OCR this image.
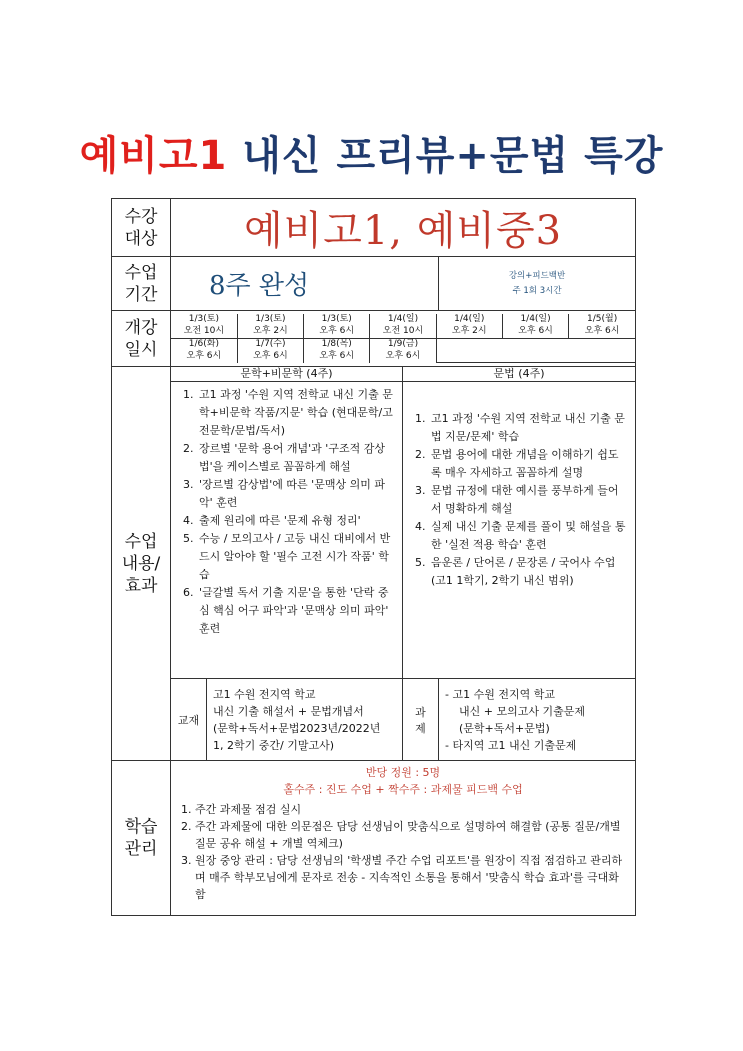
예비고1 내신 프리뷰+문법 특강
수강
대상	예비고1, 예비중3
수업
기간	8주 완성	강의+피드백반
주 1회 3시간

개강
일시	
1/3(토)	1/3(토)	1/3(토)	1/4(일)	1/4(일)	1/4(일)	1/5(월)
오전 10시	오후 2시	오후 6시	오전 10시	오후 2시	오후 6시	오후 6시
1/6(화)	1/7(수)	1/8(목)	1/9(금)	
오후 6시	오후 6시	오후 6시	오후 6시

수업
내용/
효과	
문학+비문학 (4주)
1. 고1 과정 '수원 지역 전학교 내신 기출 문학+비문학 작품/지문' 학습 (현대문학/고전문학/문법/독서)
2. 장르별 '문학 용어 개념'과 '구조적 감상법'을 케이스별로 꼼꼼하게 해설
3. '장르별 감상법'에 따른 '문맥상 의미 파악' 훈련
4. 출제 원리에 따른 '문제 유형 정리'
5. 수능 / 모의고사 / 고등 내신 대비에서 반드시 알아야 할 '필수 고전 시가 작품' 학습
6. '글갈별 독서 기출 지문'을 통한 '단락 중심 핵심 어구 파악'과 '문맥상 의미 파악' 훈련

문법 (4주)
1. 고1 과정 '수원 지역 전학교 내신 기출 문법 지문/문제' 학습
2. 문법 용어에 대한 개념을 이해하기 쉽도록 매우 자세하고 꼼꼼하게 설명
3. 문법 규정에 대한 예시를 풍부하게 들어서 명확하게 해설
4. 실제 내신 기출 문제를 풀이 및 해설을 통한 '실전 적용 학습' 훈련
5. 음운론 / 단어론 / 문장론 / 국어사 수업 (고1 1학기, 2학기 내신 범위)

교재	
고1 수원 전지역 학교
내신 기출 해설서 + 문법개념서
(문학+독서+문법2023년/2022년
1, 2학기 중간/ 기말고사)
	과
제	
- 고1 수원 전지역 학교
내신 + 모의고사 기출문제
(문학+독서+문법)
- 타지역 고1 내신 기출문제

학습
관리	
반당 정원 : 5명
홀수주 : 진도 수업 + 짝수주 : 과제물 피드백 수업
1. 주간 과제물 점검 실시
2. 주간 과제물에 대한 의문점은 담당 선생님이 맞춤식으로 설명하여 해결함 (공통 질문/개별 질문 공유 해설 + 개별 역체크)
3. 원장 중앙 관리 : 담당 선생님의 '학생별 주간 수업 리포트'를 원장이 직접 점검하고 관리하며 매주 학부모님에게 문자로 전송 - 지속적인 소통을 통해서 '맞춤식 학습 효과'를 극대화함
